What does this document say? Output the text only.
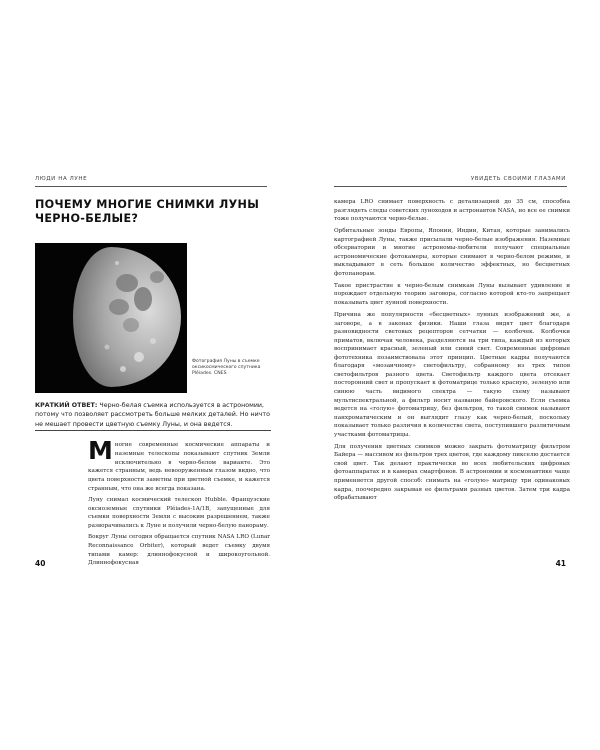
ЛЮДИ НА ЛУНЕ
ПОЧЕМУ МНОГИЕ СНИМКИ ЛУНЫ ЧЕРНО-БЕЛЫЕ?
Фотография Луны в съемке оксикосмического спутника Pléiades. CNES

КРАТКИЙ ОТВЕТ: Черно-белая съемка используется в астрономии, потому что позволяет рассмотреть больше мелких деталей. Но ничто не мешает провести цветную съемку Луны, и она ведется.

Многие современные космические аппараты и наземные телескопы показывают спутник Земли исключительно в черно-белом варианте. Это кажется странным, ведь невооруженным глазом видно, что цвета поверхности заметны при цветной съемке, и кажется странным, что она же всегда показана.

Луну снимал космический телескоп Hubble. Французские оксиоземные спутники Pléiades-1A/1B, запущенные для съемки поверхности Земли с высоким разрешением, также разворачивались к Луне и получили черно-белую панораму.

Вокруг Луны сегодня обращается спутник NASA LRO (Lunar Reconnaissance Orbiter), который ведет съемку двумя типами камер: длиннофокусной и широкоугольной. Длиннофокусная

40
УВИДЕТЬ СВОИМИ ГЛАЗАМИ

камера LRO снимает поверхность с детализацией до 35 см, способна разглядеть следы советских луноходов и астронавтов NASA, но все ее снимки тоже получаются черно-белые.

Орбитальные зонды Европы, Японии, Индии, Китая, которые занимались картографией Луны, также присылали черно-белые изображения. Наземные обсерватории и многие астрономы-любители получают специальные астрономические фотокамеры, которые снимают в черно-белом режиме, и выкладывают в сеть большое количество эффектных, но бесцветных фотопанорам.

Такое пристрастие к черно-белым снимкам Луны вызывает удивление и порождает отдельную теорию заговора, согласно которой кто-то запрещает показывать цвет лунной поверхности.

Причина же популярности «бесцветных» лунных изображений же, а заговоре, а в законах физики. Наши глаза видят цвет благодаря разновидности световых рецепторов сетчатки — колбочек. Колбочки приматов, включая человека, разделяются на три типа, каждый из которых воспринимает красный, зеленый или синий свет. Современные цифровые фототехника позаимствовала этот принцип. Цветные кадры получаются благодаря «мозаичному» светофильтру, собранному из трех типов светофильтров разного цвета. Светофильтр каждого цвета отсекает посторонний свет и пропускает к фотоматрице только красную, зеленую или синюю часть видимого спектра — такую схему называют мультиспектральной, а фильтр носит название байеровского. Если съемка ведется на «голую» фотоматрицу, без фильтров, то такой снимок называют панхроматическим и он выглядит глазу как черно-белый, поскольку показывает только различия в количестве света, поступившего разлитичным участками фотоматрицы.

Для получения цветных снимков можно закрыть фотоматрицу фильтром Байера — массивом из фильтров трех цветов, где каждому пикселю достается свой цвет. Так делают практически во всех любительских цифровых фотоаппаратах и в камерах смартфонов. В астрономии и космонавтике чаще применяется другой способ: снимать на «голую» матрицу три одинаковых кадра, поочередно закрывая ее фильтрами разных цветов. Затем три кадра обрабатывают

41
